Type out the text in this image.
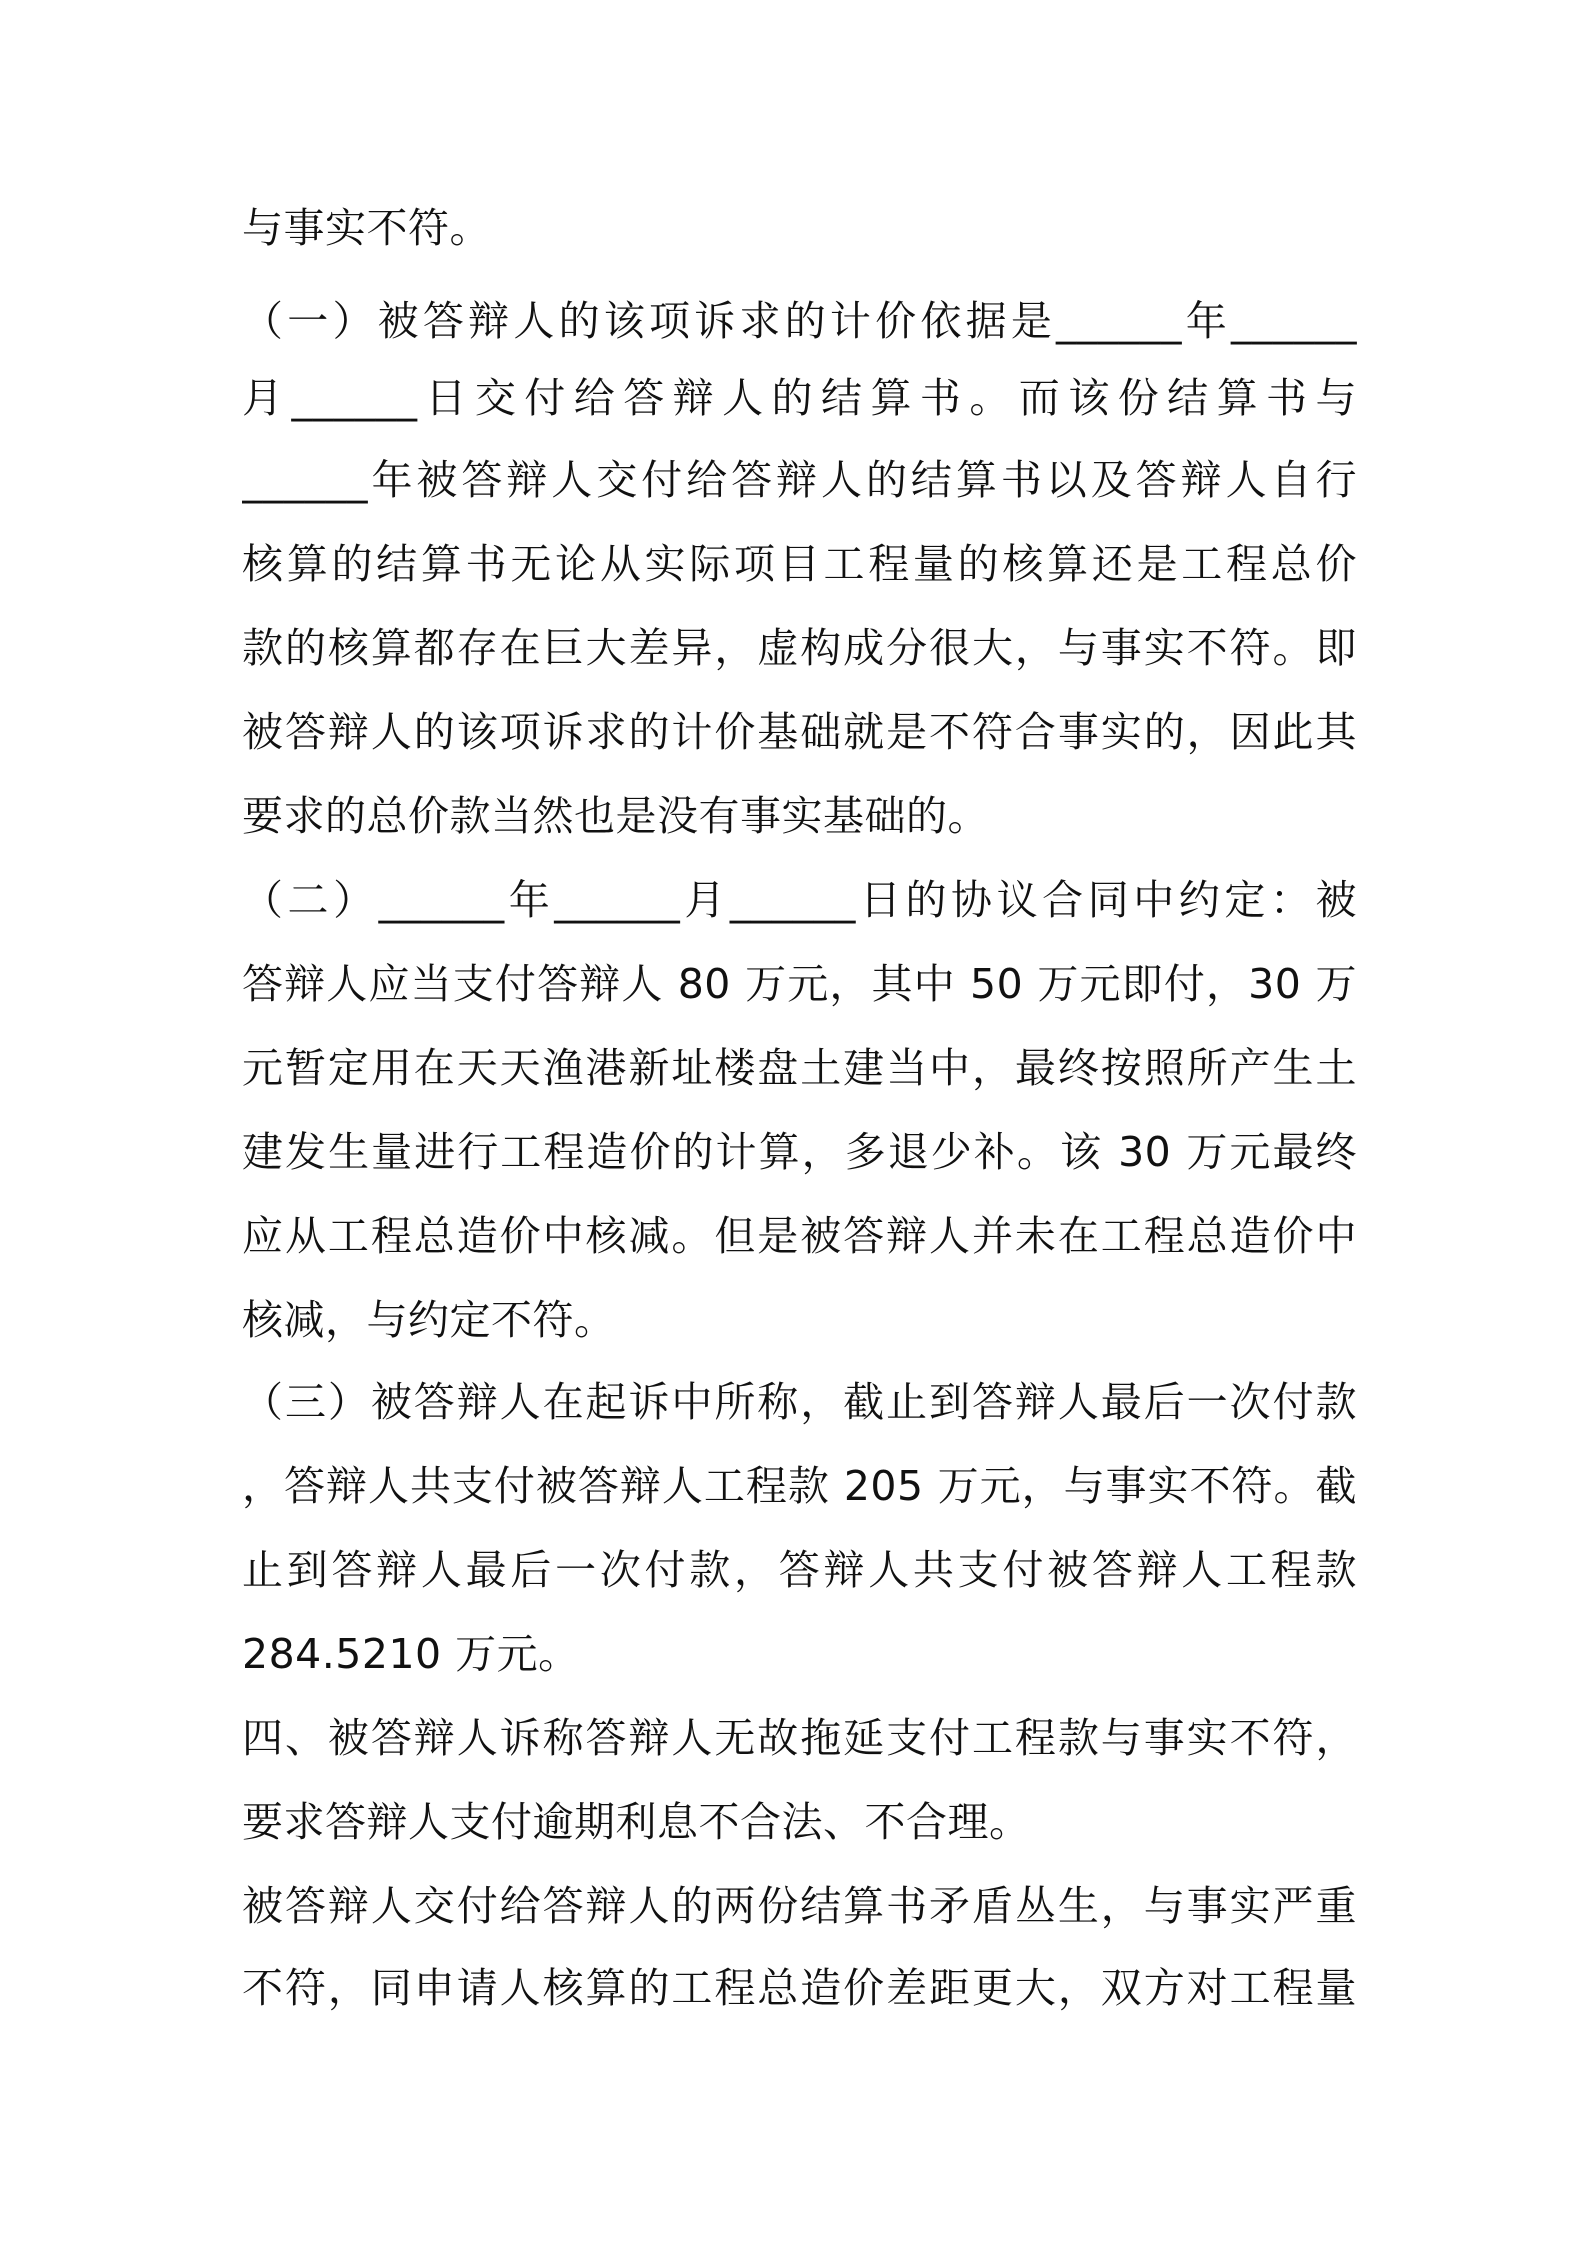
与事实不符。
（一）被答辩人的该项诉求的计价依据是______年______
月______日交付给答辩人的结算书。而该份结算书与
______年被答辩人交付给答辩人的结算书以及答辩人自行
核算的结算书无论从实际项目工程量的核算还是工程总价
款的核算都存在巨大差异，虚构成分很大，与事实不符。即
被答辩人的该项诉求的计价基础就是不符合事实的，因此其
要求的总价款当然也是没有事实基础的。
（二）______年______月______日的协议合同中约定：被
答辩人应当支付答辩人 80 万元，其中 50 万元即付，30 万
元暂定用在天天渔港新址楼盘土建当中，最终按照所产生土
建发生量进行工程造价的计算，多退少补。该 30 万元最终
应从工程总造价中核减。但是被答辩人并未在工程总造价中
核减，与约定不符。
（三）被答辩人在起诉中所称，截止到答辩人最后一次付款
，答辩人共支付被答辩人工程款 205 万元，与事实不符。截
止到答辩人最后一次付款，答辩人共支付被答辩人工程款
284.5210 万元。
四、被答辩人诉称答辩人无故拖延支付工程款与事实不符，
要求答辩人支付逾期利息不合法、不合理。
被答辩人交付给答辩人的两份结算书矛盾丛生，与事实严重
不符，同申请人核算的工程总造价差距更大，双方对工程量
